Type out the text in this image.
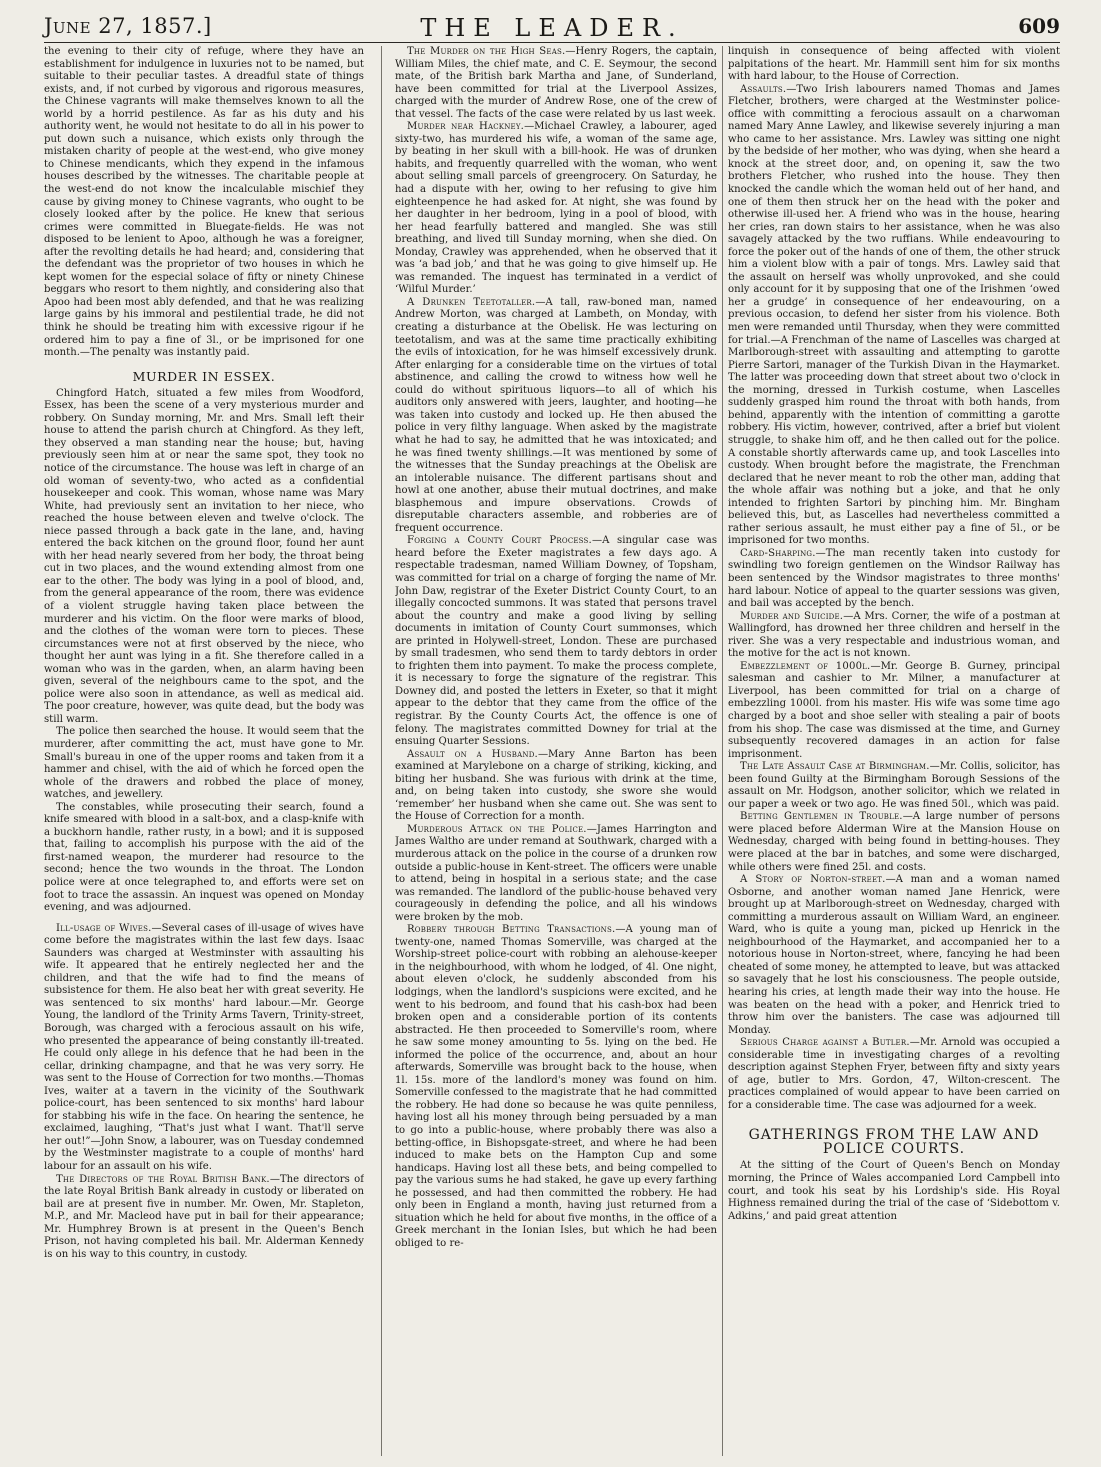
June 27, 1857.]	THE LEADER.	609

the evening to their city of refuge, where they have an establishment for indulgence in luxuries not to be named, but suitable to their peculiar tastes. A dreadful state of things exists, and, if not curbed by vigorous and rigorous measures, the Chinese vagrants will make themselves known to all the world by a horrid pestilence. As far as his duty and his authority went, he would not hesitate to do all in his power to put down such a nuisance, which exists only through the mistaken charity of people at the west-end, who give money to Chinese mendicants, which they expend in the infamous houses described by the witnesses. The charitable people at the west-end do not know the incalculable mischief they cause by giving money to Chinese vagrants, who ought to be closely looked after by the police. He knew that serious crimes were committed in Bluegate-fields. He was not disposed to be lenient to Apoo, although he was a foreigner, after the revolting details he had heard; and, considering that the defendant was the proprietor of two houses in which he kept women for the especial solace of fifty or ninety Chinese beggars who resort to them nightly, and considering also that Apoo had been most ably defended, and that he was realizing large gains by his immoral and pestilential trade, he did not think he should be treating him with excessive rigour if he ordered him to pay a fine of 3l., or be imprisoned for one month.—The penalty was instantly paid.

MURDER IN ESSEX.

Chingford Hatch, situated a few miles from Woodford, Essex, has been the scene of a very mysterious murder and robbery. On Sunday morning, Mr. and Mrs. Small left their house to attend the parish church at Chingford. As they left, they observed a man standing near the house; but, having previously seen him at or near the same spot, they took no notice of the circumstance. The house was left in charge of an old woman of seventy-two, who acted as a confidential housekeeper and cook. This woman, whose name was Mary White, had previously sent an invitation to her niece, who reached the house between eleven and twelve o'clock. The niece passed through a back gate in the lane, and, having entered the back kitchen on the ground floor, found her aunt with her head nearly severed from her body, the throat being cut in two places, and the wound extending almost from one ear to the other. The body was lying in a pool of blood, and, from the general appearance of the room, there was evidence of a violent struggle having taken place between the murderer and his victim. On the floor were marks of blood, and the clothes of the woman were torn to pieces. These circumstances were not at first observed by the niece, who thought her aunt was lying in a fit. She therefore called in a woman who was in the garden, when, an alarm having been given, several of the neighbours came to the spot, and the police were also soon in attendance, as well as medical aid. The poor creature, however, was quite dead, but the body was still warm.

The police then searched the house. It would seem that the murderer, after committing the act, must have gone to Mr. Small's bureau in one of the upper rooms and taken from it a hammer and chisel, with the aid of which he forced open the whole of the drawers and robbed the place of money, watches, and jewellery.

The constables, while prosecuting their search, found a knife smeared with blood in a salt-box, and a clasp-knife with a buckhorn handle, rather rusty, in a bowl; and it is supposed that, failing to accomplish his purpose with the aid of the first-named weapon, the murderer had resource to the second; hence the two wounds in the throat. The London police were at once telegraphed to, and efforts were set on foot to trace the assassin. An inquest was opened on Monday evening, and was adjourned.

Ill-usage of Wives.—Several cases of ill-usage of wives have come before the magistrates within the last few days. Isaac Saunders was charged at Westminster with assaulting his wife. It appeared that he entirely neglected her and the children, and that the wife had to find the means of subsistence for them. He also beat her with great severity. He was sentenced to six months' hard labour.—Mr. George Young, the landlord of the Trinity Arms Tavern, Trinity-street, Borough, was charged with a ferocious assault on his wife, who presented the appearance of being constantly ill-treated. He could only allege in his defence that he had been in the cellar, drinking champagne, and that he was very sorry. He was sent to the House of Correction for two months.—Thomas Ives, waiter at a tavern in the vicinity of the Southwark police-court, has been sentenced to six months' hard labour for stabbing his wife in the face. On hearing the sentence, he exclaimed, laughing, “That's just what I want. That'll serve her out!”—John Snow, a labourer, was on Tuesday condemned by the Westminster magistrate to a couple of months' hard labour for an assault on his wife.

The Directors of the Royal British Bank.—The directors of the late Royal British Bank already in custody or liberated on bail are at present five in number. Mr. Owen, Mr. Stapleton, M.P., and Mr. Macleod have put in bail for their appearance; Mr. Humphrey Brown is at present in the Queen's Bench Prison, not having completed his bail. Mr. Alderman Kennedy is on his way to this country, in custody.

The Murder on the High Seas.—Henry Rogers, the captain, William Miles, the chief mate, and C. E. Seymour, the second mate, of the British bark Martha and Jane, of Sunderland, have been committed for trial at the Liverpool Assizes, charged with the murder of Andrew Rose, one of the crew of that vessel. The facts of the case were related by us last week.

Murder near Hackney.—Michael Crawley, a labourer, aged sixty-two, has murdered his wife, a woman of the same age, by beating in her skull with a bill-hook. He was of drunken habits, and frequently quarrelled with the woman, who went about selling small parcels of greengrocery. On Saturday, he had a dispute with her, owing to her refusing to give him eighteenpence he had asked for. At night, she was found by her daughter in her bedroom, lying in a pool of blood, with her head fearfully battered and mangled. She was still breathing, and lived till Sunday morning, when she died. On Monday, Crawley was apprehended, when he observed that it was ‘a bad job,’ and that he was going to give himself up. He was remanded. The inquest has terminated in a verdict of ‘Wilful Murder.’

A Drunken Teetotaller.—A tall, raw-boned man, named Andrew Morton, was charged at Lambeth, on Monday, with creating a disturbance at the Obelisk. He was lecturing on teetotalism, and was at the same time practically exhibiting the evils of intoxication, for he was himself excessively drunk. After enlarging for a considerable time on the virtues of total abstinence, and calling the crowd to witness how well he could do without spirituous liquors—to all of which his auditors only answered with jeers, laughter, and hooting—he was taken into custody and locked up. He then abused the police in very filthy language. When asked by the magistrate what he had to say, he admitted that he was intoxicated; and he was fined twenty shillings.—It was mentioned by some of the witnesses that the Sunday preachings at the Obelisk are an intolerable nuisance. The different partisans shout and howl at one another, abuse their mutual doctrines, and make blasphemous and impure observations. Crowds of disreputable characters assemble, and robberies are of frequent occurrence.

Forging a County Court Process.—A singular case was heard before the Exeter magistrates a few days ago. A respectable tradesman, named William Downey, of Topsham, was committed for trial on a charge of forging the name of Mr. John Daw, registrar of the Exeter District County Court, to an illegally concocted summons. It was stated that persons travel about the country and make a good living by selling documents in imitation of County Court summonses, which are printed in Holywell-street, London. These are purchased by small tradesmen, who send them to tardy debtors in order to frighten them into payment. To make the process complete, it is necessary to forge the signature of the registrar. This Downey did, and posted the letters in Exeter, so that it might appear to the debtor that they came from the office of the registrar. By the County Courts Act, the offence is one of felony. The magistrates committed Downey for trial at the ensuing Quarter Sessions.

Assault on a Husband.—Mary Anne Barton has been examined at Marylebone on a charge of striking, kicking, and biting her husband. She was furious with drink at the time, and, on being taken into custody, she swore she would ‘remember’ her husband when she came out. She was sent to the House of Correction for a month.

Murderous Attack on the Police.—James Harrington and James Waltho are under remand at Southwark, charged with a murderous attack on the police in the course of a drunken row outside a public-house in Kent-street. The officers were unable to attend, being in hospital in a serious state; and the case was remanded. The landlord of the public-house behaved very courageously in defending the police, and all his windows were broken by the mob.

Robbery through Betting Transactions.—A young man of twenty-one, named Thomas Somerville, was charged at the Worship-street police-court with robbing an alehouse-keeper in the neighbourhood, with whom he lodged, of 4l. One night, about eleven o'clock, he suddenly absconded from his lodgings, when the landlord's suspicions were excited, and he went to his bedroom, and found that his cash-box had been broken open and a considerable portion of its contents abstracted. He then proceeded to Somerville's room, where he saw some money amounting to 5s. lying on the bed. He informed the police of the occurrence, and, about an hour afterwards, Somerville was brought back to the house, when 1l. 15s. more of the landlord's money was found on him. Somerville confessed to the magistrate that he had committed the robbery. He had done so because he was quite penniless, having lost all his money through being persuaded by a man to go into a public-house, where probably there was also a betting-office, in Bishopsgate-street, and where he had been induced to make bets on the Hampton Cup and some handicaps. Having lost all these bets, and being compelled to pay the various sums he had staked, he gave up every farthing he possessed, and had then committed the robbery. He had only been in England a month, having just returned from a situation which he held for about five months, in the office of a Greek merchant in the Ionian Isles, but which he had been obliged to re-

linquish in consequence of being affected with violent palpitations of the heart. Mr. Hammill sent him for six months with hard labour, to the House of Correction.

Assaults.—Two Irish labourers named Thomas and James Fletcher, brothers, were charged at the Westminster police-office with committing a ferocious assault on a charwoman named Mary Anne Lawley, and likewise severely injuring a man who came to her assistance. Mrs. Lawley was sitting one night by the bedside of her mother, who was dying, when she heard a knock at the street door, and, on opening it, saw the two brothers Fletcher, who rushed into the house. They then knocked the candle which the woman held out of her hand, and one of them then struck her on the head with the poker and otherwise ill-used her. A friend who was in the house, hearing her cries, ran down stairs to her assistance, when he was also savagely attacked by the two ruffians. While endeavouring to force the poker out of the hands of one of them, the other struck him a violent blow with a pair of tongs. Mrs. Lawley said that the assault on herself was wholly unprovoked, and she could only account for it by supposing that one of the Irishmen ‘owed her a grudge’ in consequence of her endeavouring, on a previous occasion, to defend her sister from his violence. Both men were remanded until Thursday, when they were committed for trial.—A Frenchman of the name of Lascelles was charged at Marlborough-street with assaulting and attempting to garotte Pierre Sartori, manager of the Turkish Divan in the Haymarket. The latter was proceeding down that street about two o'clock in the morning, dressed in Turkish costume, when Lascelles suddenly grasped him round the throat with both hands, from behind, apparently with the intention of committing a garotte robbery. His victim, however, contrived, after a brief but violent struggle, to shake him off, and he then called out for the police. A constable shortly afterwards came up, and took Lascelles into custody. When brought before the magistrate, the Frenchman declared that he never meant to rob the other man, adding that the whole affair was nothing but a joke, and that he only intended to frighten Sartori by pinching him. Mr. Bingham believed this, but, as Lascelles had nevertheless committed a rather serious assault, he must either pay a fine of 5l., or be imprisoned for two months.

Card-Sharping.—The man recently taken into custody for swindling two foreign gentlemen on the Windsor Railway has been sentenced by the Windsor magistrates to three months' hard labour. Notice of appeal to the quarter sessions was given, and bail was accepted by the bench.

Murder and Suicide.—A Mrs. Corner, the wife of a postman at Wallingford, has drowned her three children and herself in the river. She was a very respectable and industrious woman, and the motive for the act is not known.

Embezzlement of 1000l.—Mr. George B. Gurney, principal salesman and cashier to Mr. Milner, a manufacturer at Liverpool, has been committed for trial on a charge of embezzling 1000l. from his master. His wife was some time ago charged by a boot and shoe seller with stealing a pair of boots from his shop. The case was dismissed at the time, and Gurney subsequently recovered damages in an action for false imprisonment.

The Late Assault Case at Birmingham.—Mr. Collis, solicitor, has been found Guilty at the Birmingham Borough Sessions of the assault on Mr. Hodgson, another solicitor, which we related in our paper a week or two ago. He was fined 50l., which was paid.

Betting Gentlemen in Trouble.—A large number of persons were placed before Alderman Wire at the Mansion House on Wednesday, charged with being found in betting-houses. They were placed at the bar in batches, and some were discharged, while others were fined 25l. and costs.

A Story of Norton-street.—A man and a woman named Osborne, and another woman named Jane Henrick, were brought up at Marlborough-street on Wednesday, charged with committing a murderous assault on William Ward, an engineer. Ward, who is quite a young man, picked up Henrick in the neighbourhood of the Haymarket, and accompanied her to a notorious house in Norton-street, where, fancying he had been cheated of some money, he attempted to leave, but was attacked so savagely that he lost his consciousness. The people outside, hearing his cries, at length made their way into the house. He was beaten on the head with a poker, and Henrick tried to throw him over the banisters. The case was adjourned till Monday.

Serious Charge against a Butler.—Mr. Arnold was occupied a considerable time in investigating charges of a revolting description against Stephen Fryer, between fifty and sixty years of age, butler to Mrs. Gordon, 47, Wilton-crescent. The practices complained of would appear to have been carried on for a considerable time. The case was adjourned for a week.

GATHERINGS FROM THE LAW AND POLICE COURTS.

At the sitting of the Court of Queen's Bench on Monday morning, the Prince of Wales accompanied Lord Campbell into court, and took his seat by his Lordship's side. His Royal Highness remained during the trial of the case of ‘Sidebottom v. Adkins,’ and paid great attention
